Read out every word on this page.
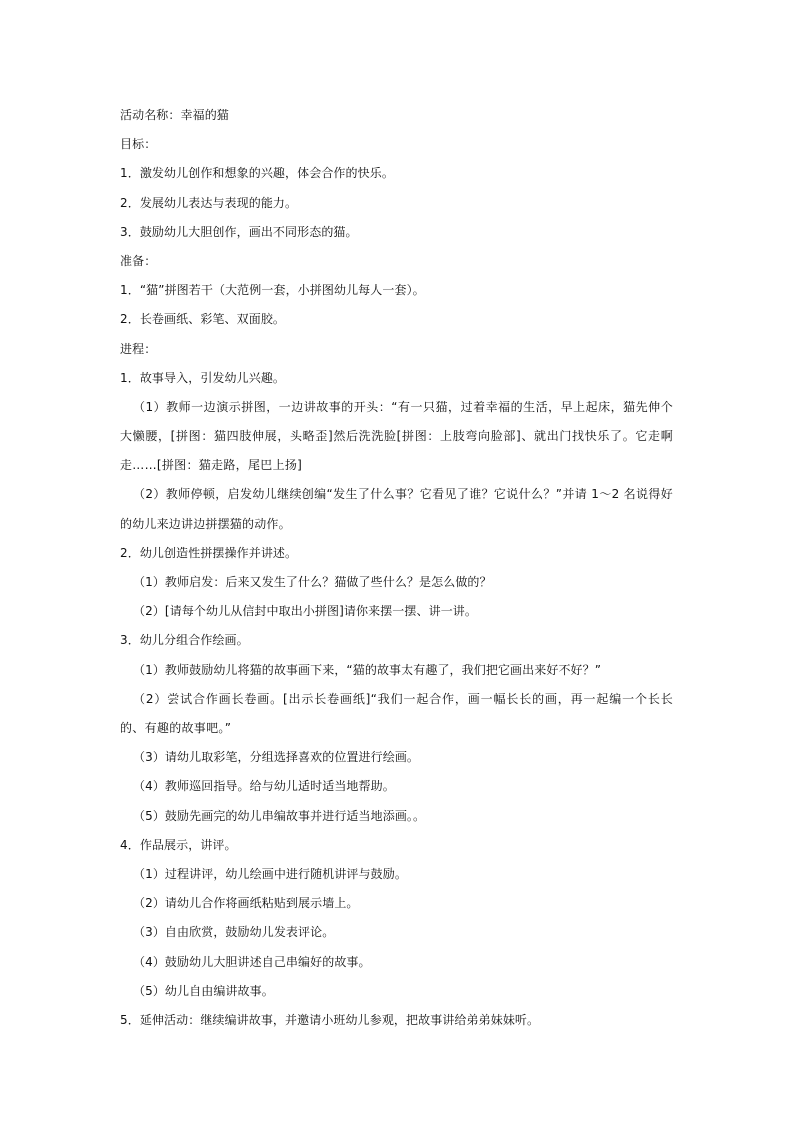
活动名称：幸福的猫
目标：
1．激发幼儿创作和想象的兴趣，体会合作的快乐。
2．发展幼儿表达与表现的能力。
3．鼓励幼儿大胆创作，画出不同形态的猫。
准备：
1．“猫”拼图若干（大范例一套，小拼图幼儿每人一套）。
2．长卷画纸、彩笔、双面胶。
进程：
1．故事导入，引发幼儿兴趣。
（1）教师一边演示拼图，一边讲故事的开头：“有一只猫，过着幸福的生活，早上起床，猫先伸个大懒腰，[拼图：猫四肢伸展，头略歪]然后洗洗脸[拼图：上肢弯向脸部]、就出门找快乐了。它走啊走……[拼图：猫走路，尾巴上扬]
（2）教师停顿，启发幼儿继续创编“发生了什么事？它看见了谁？它说什么？”并请 1～2 名说得好的幼儿来边讲边拼摆猫的动作。
2．幼儿创造性拼摆操作并讲述。
（1）教师启发：后来又发生了什么？猫做了些什么？是怎么做的？
（2）[请每个幼儿从信封中取出小拼图]请你来摆一摆、讲一讲。
3．幼儿分组合作绘画。
（1）教师鼓励幼儿将猫的故事画下来，“猫的故事太有趣了，我们把它画出来好不好？”
（2）尝试合作画长卷画。[出示长卷画纸]“我们一起合作，画一幅长长的画，再一起编一个长长的、有趣的故事吧。”
（3）请幼儿取彩笔，分组选择喜欢的位置进行绘画。
（4）教师巡回指导。给与幼儿适时适当地帮助。
（5）鼓励先画完的幼儿串编故事并进行适当地添画。。
4．作品展示，讲评。
（1）过程讲评，幼儿绘画中进行随机讲评与鼓励。
（2）请幼儿合作将画纸粘贴到展示墙上。
（3）自由欣赏，鼓励幼儿发表评论。
（4）鼓励幼儿大胆讲述自己串编好的故事。
（5）幼儿自由编讲故事。
5．延伸活动：继续编讲故事，并邀请小班幼儿参观，把故事讲给弟弟妹妹听。
